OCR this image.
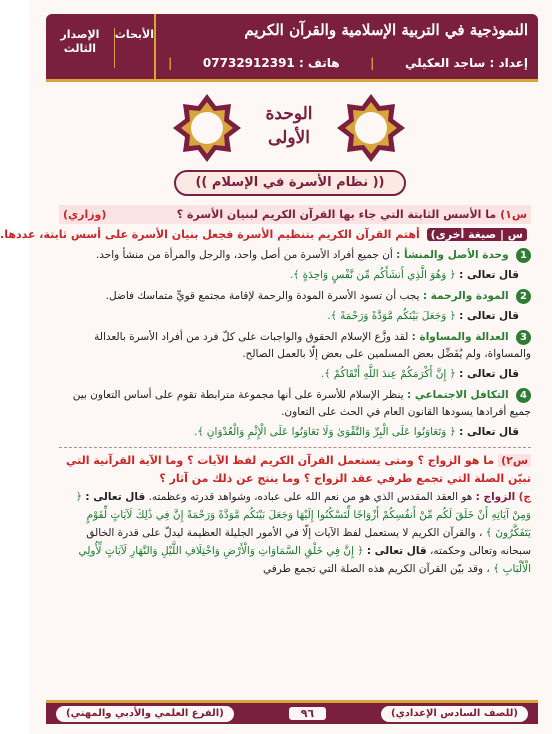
النموذجية في التربية الإسلامية والقرآن الكريم
إعداد : ساجد العكيلي
|
هاتف : 07732912391
|
الإصدار الثالث
الأبحاث
الوحدة
الأولى
(( نظام الأسرة في الإسلام ))
س١) ما الأسس الثابتة التي جاء بها القرآن الكريم لبنيان الأسرة ؟
(وزاري)
س | صيغة أخرى) أهتم القرآن الكريم بتنظيم الأسرة فجعل بنيان الأسرة على أسس ثابتة، عددها.
1 وحدة الأصل والمنشأ : أن جميع أفراد الأسرة من أصل واحد، والرجل والمرأة من منشأ واحد.
قال تعالى : ﴿ وَهُوَ الَّذِي أَنشَأَكُم مِّن نَّفْسٍ وَاحِدَةٍ ﴾.
2 المودة والرحمة : يجب أن تسود الأسرة المودة والرحمة لإقامة مجتمع قويٍّ متماسك فاضل.
قال تعالى : ﴿ وَجَعَلَ بَيْنَكُم مَّوَدَّةً وَرَحْمَةً ﴾.
3 العدالة والمساواة : لقد وزَّع الإسلام الحقوق والواجبات على كلّ فرد من أفراد الأسرة بالعدالة والمساواة، ولم يُفَضِّل بعض المسلمين على بعض إلّا بالعمل الصالح.
قال تعالى : ﴿ إِنَّ أَكْرَمَكُمْ عِندَ اللَّهِ أَتْقَاكُمْ ﴾.
4 التكافل الاجتماعي : ينظر الإسلام للأسرة على أنها مجموعة مترابطة تقوم على أساس التعاون بين جميع أفرادها يسودها القانون العام في الحث على التعاون.
قال تعالى : ﴿ وَتَعَاوَنُوا عَلَى الْبِرِّ وَالتَّقْوَىٰ وَلَا تَعَاوَنُوا عَلَى الْإِثْمِ وَالْعُدْوَانِ ﴾.
س٢) ما هو الزواج ؟ ومتى يستعمل القرآن الكريم لفظ الآيات ؟ وما الآية القرآنية التي تبيّن الصلة التي تجمع طرفي عقد الزواج ؟ وما ينتج عن ذلك من آثار ؟
ج) الزواج : هو العقد المقدس الذي هو من نعم الله على عباده، وشواهد قدرته وعظمته. قال تعالى : ﴿ وَمِنْ آيَاتِهِ أَنْ خَلَقَ لَكُم مِّنْ أَنفُسِكُمْ أَزْوَاجًا لِّتَسْكُنُوا إِلَيْهَا وَجَعَلَ بَيْنَكُم مَّوَدَّةً وَرَحْمَةً إِنَّ فِي ذَٰلِكَ لَآيَاتٍ لِّقَوْمٍ يَتَفَكَّرُونَ ﴾ ، والقرآن الكريم لا يستعمل لفظ الآيات إلّا في الأمور الجليلة العظيمة ليدلّ على قدرة الخالق سبحانه وتعالى وحكمته، قال تعالى : ﴿ إِنَّ فِي خَلْقِ السَّمَاوَاتِ وَالْأَرْضِ وَاخْتِلَافِ اللَّيْلِ وَالنَّهَارِ لَآيَاتٍ لِّأُولِي الْأَلْبَابِ ﴾ ، وقد بيّن القرآن الكريم هذه الصلة التي تجمع طرفي
(للصف السادس الإعدادي)
٩٦
(الفرع العلمي والأدبي والمهني)
